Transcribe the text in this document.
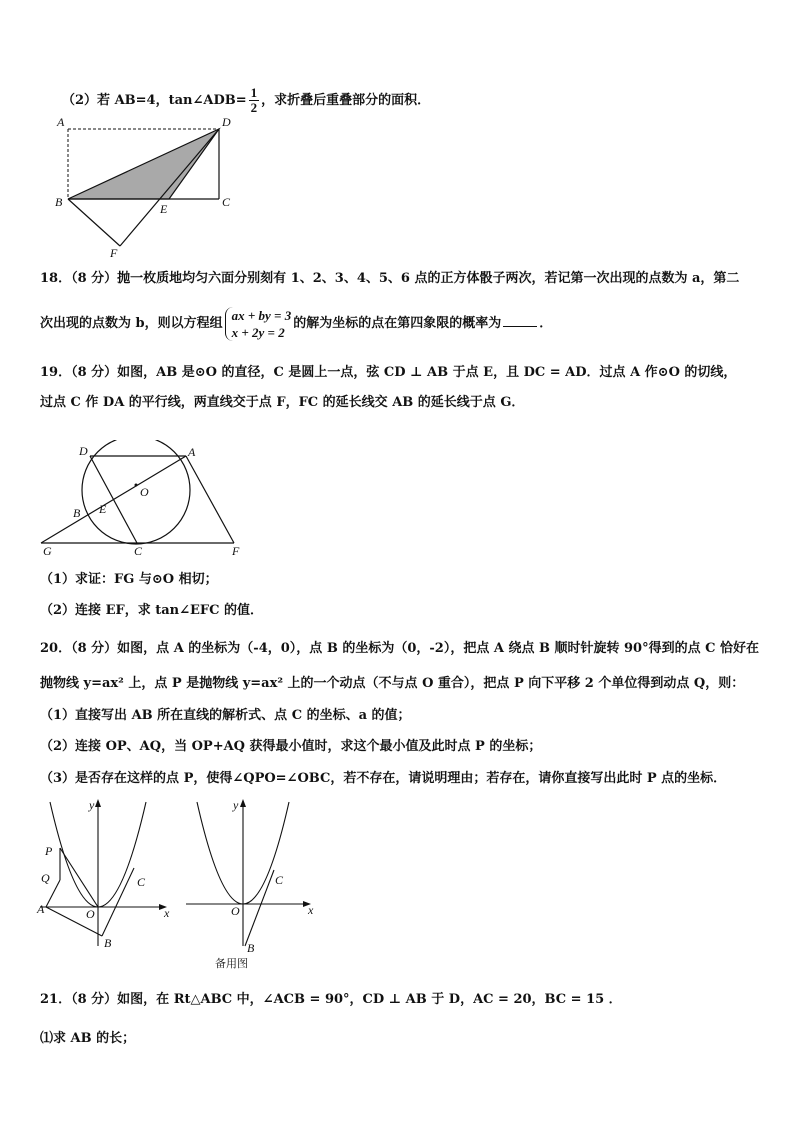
（2）若 AB=4，tan∠ADB= $\frac{1}{2}$ ，求折叠后重叠部分的面积．
A	D
B	C
E
F
18．（8 分）抛一枚质地均匀六面分别刻有 1、2、3、4、5、6 点的正方体骰子两次，若记第一次出现的点数为 a，第二
次出现的点数为 b，则以方程组
ax + by = 3
x + 2y = 2
的解为坐标的点在第四象限的概率为	．
19．（8 分）如图，AB 是⊙O 的直径，C 是圆上一点，弦 CD ⊥ AB 于点 E，且 DC = AD．过点 A 作⊙O 的切线，
过点 C 作 DA 的平行线，两直线交于点 F，FC 的延长线交 AB 的延长线于点 G．
D	A
O
B E
G	C	F
（1）求证：FG 与⊙O 相切；
（2）连接 EF，求 tan∠EFC 的值．
20．（8 分）如图，点 A 的坐标为（-4，0），点 B 的坐标为（0，-2），把点 A 绕点 B 顺时针旋转 90°得到的点 C 恰好在
抛物线 y=ax² 上，点 P 是抛物线 y=ax² 上的一个动点（不与点 O 重合），把点 P 向下平移 2 个单位得到动点 Q，则：
（1）直接写出 AB 所在直线的解析式、点 C 的坐标、a 的值；
（2）连接 OP、AQ，当 OP+AQ 获得最小值时，求这个最小值及此时点 P 的坐标；
（3）是否存在这样的点 P，使得∠QPO=∠OBC，若不存在，请说明理由；若存在，请你直接写出此时 P 点的坐标．
y
P
Q	C
A	O	x
B
y
C
O	x
B
备用图
21．（8 分）如图，在 Rt△ABC 中，∠ACB = 90°，CD ⊥ AB 于 D，AC = 20，BC = 15 ．
⑴求 AB 的长；
